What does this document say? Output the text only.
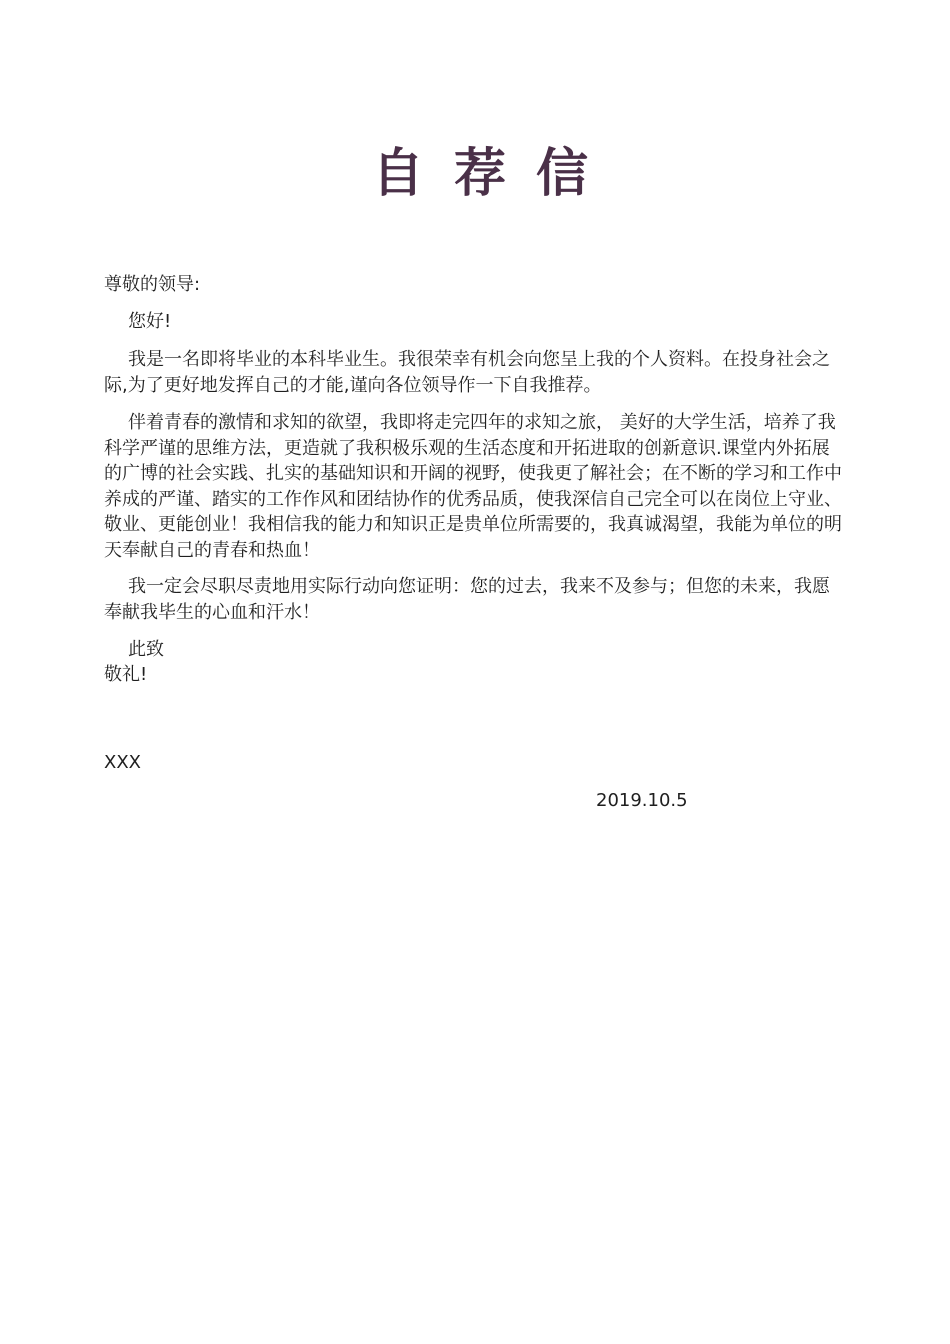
自荐信
尊敬的领导:
您好!

我是一名即将毕业的本科毕业生。我很荣幸有机会向您呈上我的个人资料。在投身社会之际,为了更好地发挥自己的才能,谨向各位领导作一下自我推荐。

伴着青春的激情和求知的欲望，我即将走完四年的求知之旅， 美好的大学生活，培养了我科学严谨的思维方法，更造就了我积极乐观的生活态度和开拓进取的创新意识.课堂内外拓展的广博的社会实践、扎实的基础知识和开阔的视野，使我更了解社会；在不断的学习和工作中养成的严谨、踏实的工作作风和团结协作的优秀品质，使我深信自己完全可以在岗位上守业、敬业、更能创业！我相信我的能力和知识正是贵单位所需要的，我真诚渴望，我能为单位的明天奉献自己的青春和热血！

我一定会尽职尽责地用实际行动向您证明：您的过去，我来不及参与；但您的未来，我愿奉献我毕生的心血和汗水！

此致
敬礼!
XXX
2019.10.5
